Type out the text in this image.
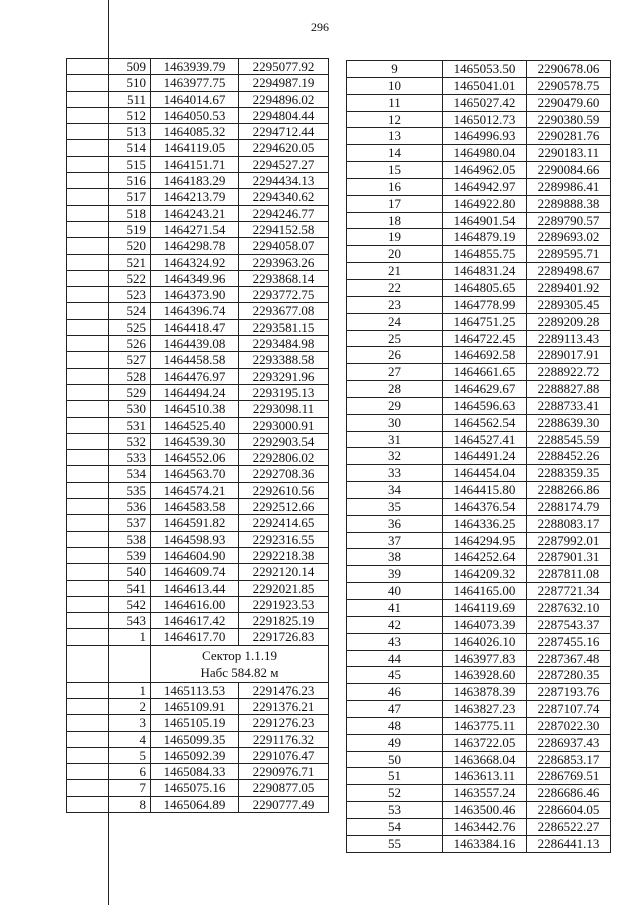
296
509	1463939.79	2295077.92
510	1463977.75	2294987.19
511	1464014.67	2294896.02
512	1464050.53	2294804.44
513	1464085.32	2294712.44
514	1464119.05	2294620.05
515	1464151.71	2294527.27
516	1464183.29	2294434.13
517	1464213.79	2294340.62
518	1464243.21	2294246.77
519	1464271.54	2294152.58
520	1464298.78	2294058.07
521	1464324.92	2293963.26
522	1464349.96	2293868.14
523	1464373.90	2293772.75
524	1464396.74	2293677.08
525	1464418.47	2293581.15
526	1464439.08	2293484.98
527	1464458.58	2293388.58
528	1464476.97	2293291.96
529	1464494.24	2293195.13
530	1464510.38	2293098.11
531	1464525.40	2293000.91
532	1464539.30	2292903.54
533	1464552.06	2292806.02
534	1464563.70	2292708.36
535	1464574.21	2292610.56
536	1464583.58	2292512.66
537	1464591.82	2292414.65
538	1464598.93	2292316.55
539	1464604.90	2292218.38
540	1464609.74	2292120.14
541	1464613.44	2292021.85
542	1464616.00	2291923.53
543	1464617.42	2291825.19
1	1464617.70	2291726.83

	Сектор 1.1.19
Набс 584.82 м	

1	1465113.53	2291476.23
2	1465109.91	2291376.21
3	1465105.19	2291276.23
4	1465099.35	2291176.32
5	1465092.39	2291076.47
6	1465084.33	2290976.71
7	1465075.16	2290877.05
8	1465064.89	2290777.49
9	1465053.50	2290678.06
10	1465041.01	2290578.75
11	1465027.42	2290479.60
12	1465012.73	2290380.59
13	1464996.93	2290281.76
14	1464980.04	2290183.11
15	1464962.05	2290084.66
16	1464942.97	2289986.41
17	1464922.80	2289888.38
18	1464901.54	2289790.57
19	1464879.19	2289693.02
20	1464855.75	2289595.71
21	1464831.24	2289498.67
22	1464805.65	2289401.92
23	1464778.99	2289305.45
24	1464751.25	2289209.28
25	1464722.45	2289113.43
26	1464692.58	2289017.91
27	1464661.65	2288922.72
28	1464629.67	2288827.88
29	1464596.63	2288733.41
30	1464562.54	2288639.30
31	1464527.41	2288545.59
32	1464491.24	2288452.26
33	1464454.04	2288359.35
34	1464415.80	2288266.86
35	1464376.54	2288174.79
36	1464336.25	2288083.17
37	1464294.95	2287992.01
38	1464252.64	2287901.31
39	1464209.32	2287811.08
40	1464165.00	2287721.34
41	1464119.69	2287632.10
42	1464073.39	2287543.37
43	1464026.10	2287455.16
44	1463977.83	2287367.48
45	1463928.60	2287280.35
46	1463878.39	2287193.76
47	1463827.23	2287107.74
48	1463775.11	2287022.30
49	1463722.05	2286937.43
50	1463668.04	2286853.17
51	1463613.11	2286769.51
52	1463557.24	2286686.46
53	1463500.46	2286604.05
54	1463442.76	2286522.27
55	1463384.16	2286441.13
